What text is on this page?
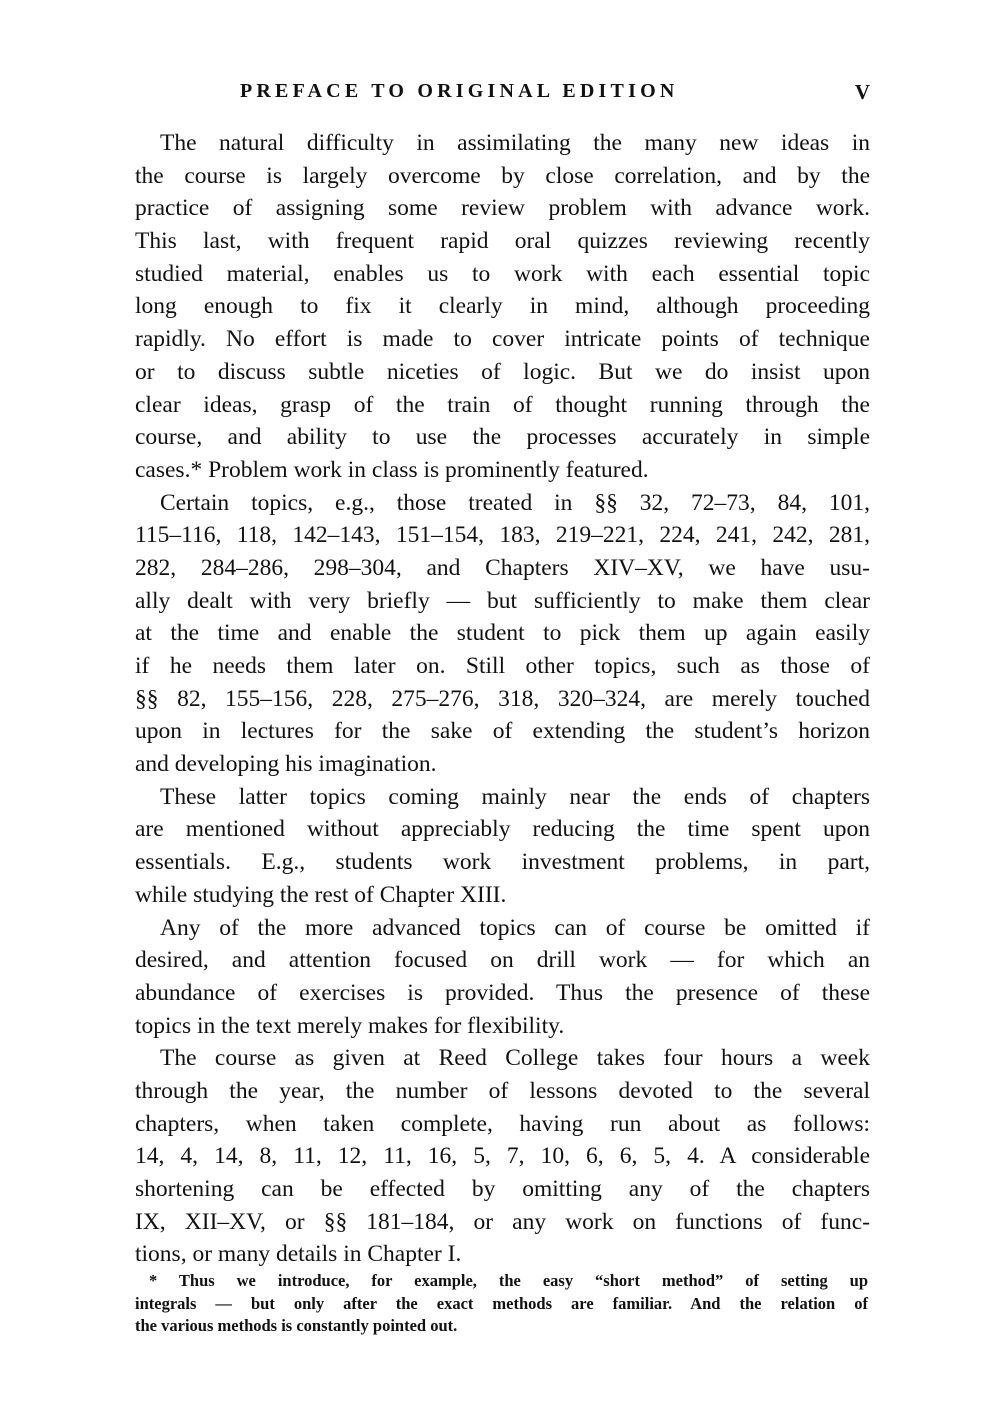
PREFACE TO ORIGINAL EDITION	V
The natural difficulty in assimilating the many new ideas in
the course is largely overcome by close correlation, and by the
practice of assigning some review problem with advance work.
This last, with frequent rapid oral quizzes reviewing recently
studied material, enables us to work with each essential topic
long enough to fix it clearly in mind, although proceeding
rapidly. No effort is made to cover intricate points of technique
or to discuss subtle niceties of logic. But we do insist upon
clear ideas, grasp of the train of thought running through the
course, and ability to use the processes accurately in simple
cases.* Problem work in class is prominently featured.
Certain topics, e.g., those treated in §§ 32, 72–73, 84, 101,
115–116, 118, 142–143, 151–154, 183, 219–221, 224, 241, 242, 281,
282, 284–286, 298–304, and Chapters XIV–XV, we have usu-
ally dealt with very briefly — but sufficiently to make them clear
at the time and enable the student to pick them up again easily
if he needs them later on. Still other topics, such as those of
§§ 82, 155–156, 228, 275–276, 318, 320–324, are merely touched
upon in lectures for the sake of extending the student’s horizon
and developing his imagination.
These latter topics coming mainly near the ends of chapters
are mentioned without appreciably reducing the time spent upon
essentials. E.g., students work investment problems, in part,
while studying the rest of Chapter XIII.
Any of the more advanced topics can of course be omitted if
desired, and attention focused on drill work — for which an
abundance of exercises is provided. Thus the presence of these
topics in the text merely makes for flexibility.
The course as given at Reed College takes four hours a week
through the year, the number of lessons devoted to the several
chapters, when taken complete, having run about as follows:
14, 4, 14, 8, 11, 12, 11, 16, 5, 7, 10, 6, 6, 5, 4. A considerable
shortening can be effected by omitting any of the chapters
IX, XII–XV, or §§ 181–184, or any work on functions of func-
tions, or many details in Chapter I.
* Thus we introduce, for example, the easy “short method” of setting up
integrals — but only after the exact methods are familiar. And the relation of
the various methods is constantly pointed out.
